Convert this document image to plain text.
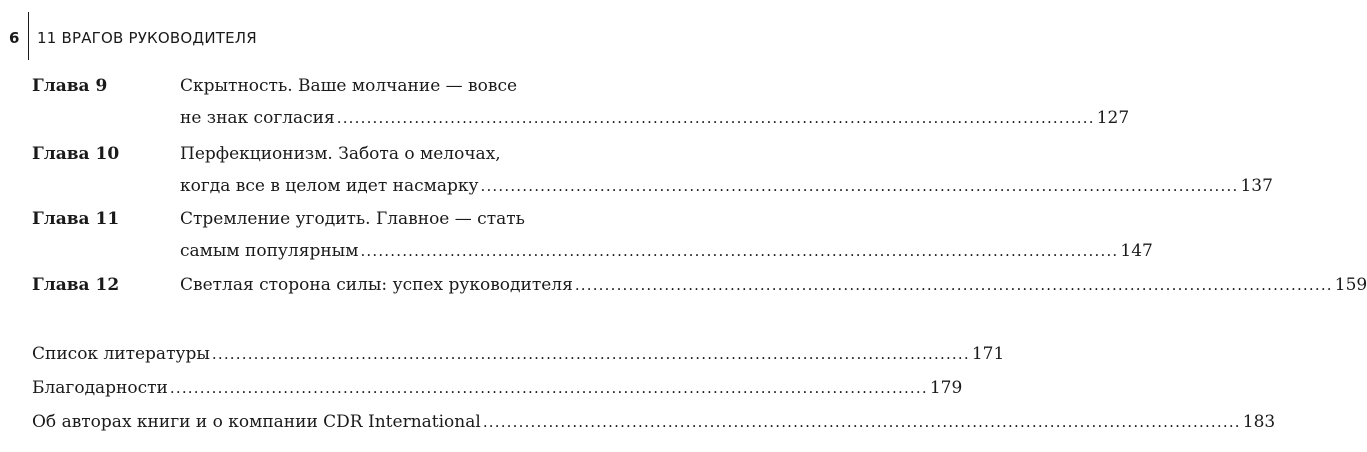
6 11 ВРАГОВ РУКОВОДИТЕЛЯ
Глава 9	Скрытность. Ваше молчание — вовсе
не знак согласия ............................................................................................................................... 127
Глава 10	Перфекционизм. Забота о мелочах,
когда все в целом идет насмарку ............................................................................................................................... 137
Глава 11	Стремление угодить. Главное — стать
самым популярным ............................................................................................................................... 147
Глава 12	Светлая сторона силы: успех руководителя ............................................................................................................................... 159
Список литературы ............................................................................................................................... 171
Благодарности ............................................................................................................................... 179
Об авторах книги и о компании CDR International ............................................................................................................................... 183
